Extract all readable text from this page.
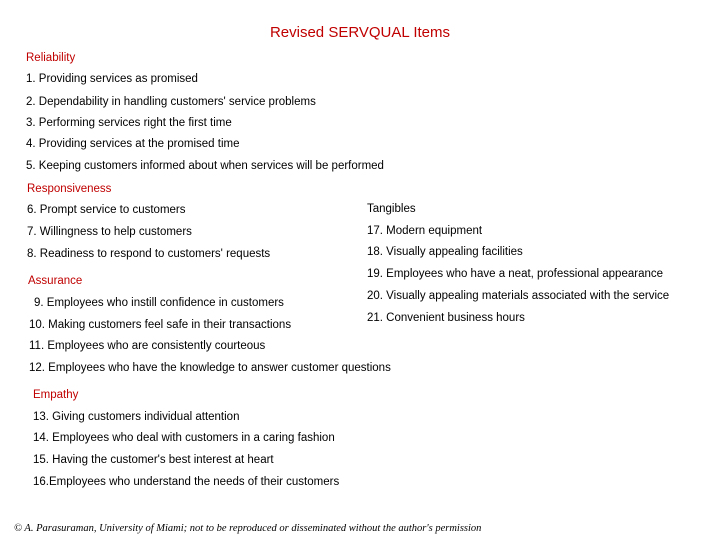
Revised SERVQUAL Items
Reliability
1. Providing services as promised
2. Dependability in handling customers' service problems
3. Performing services right the first time
4. Providing services at the promised time
5. Keeping customers informed about when services will be performed
Responsiveness
6. Prompt service to customers
7. Willingness to help customers
8. Readiness to respond to customers' requests
Assurance
9. Employees who instill confidence in customers
10. Making customers feel safe in their transactions
11. Employees who are consistently courteous
12. Employees who have the knowledge to answer customer questions
Empathy
13. Giving customers individual attention
14. Employees who deal with customers in a caring fashion
15. Having the customer's best interest at heart
16.Employees who understand the needs of their customers
Tangibles
17. Modern equipment
18. Visually appealing facilities
19. Employees who have a neat, professional appearance
20. Visually appealing materials associated with the service
21. Convenient business hours
© A. Parasuraman, University of Miami; not to be reproduced or disseminated without the author's permission
